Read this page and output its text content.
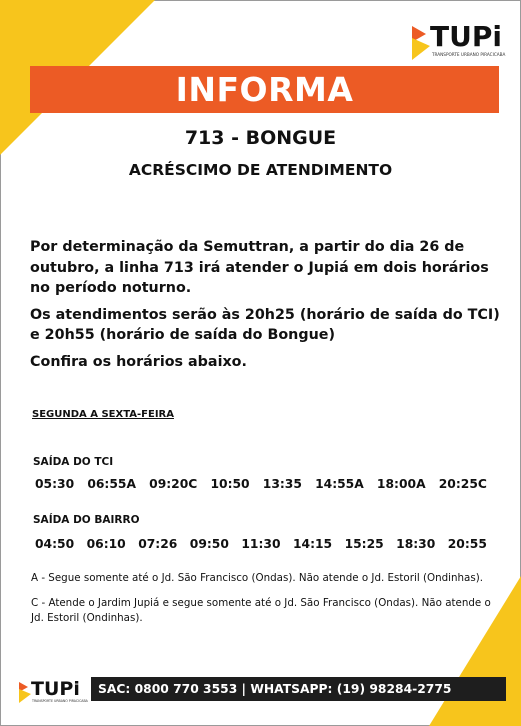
TUPi
TRANSPORTE URBANO PIRACICABA
INFORMA
713 - BONGUE
ACRÉSCIMO DE ATENDIMENTO

Por determinação da Semuttran, a partir do dia 26 de outubro, a linha 713 irá atender o Jupiá em dois horários no período noturno.

Os atendimentos serão às 20h25 (horário de saída do TCI) e 20h55 (horário de saída do Bongue)

Confira os horários abaixo.

SEGUNDA A SEXTA-FEIRA
SAÍDA DO TCI
05:30 06:55A 09:20C 10:50 13:35 14:55A 18:00A 20:25C
SAÍDA DO BAIRRO
04:50 06:10 07:26 09:50 11:30 14:15 15:25 18:30 20:55
A - Segue somente até o Jd. São Francisco (Ondas). Não atende o Jd. Estoril (Ondinhas).
C - Atende o Jardim Jupiá e segue somente até o Jd. São Francisco (Ondas). Não atende o Jd. Estoril (Ondinhas).
TUPi
TRANSPORTE URBANO PIRACICABA
SAC: 0800 770 3553 | WHATSAPP: (19) 98284-2775
